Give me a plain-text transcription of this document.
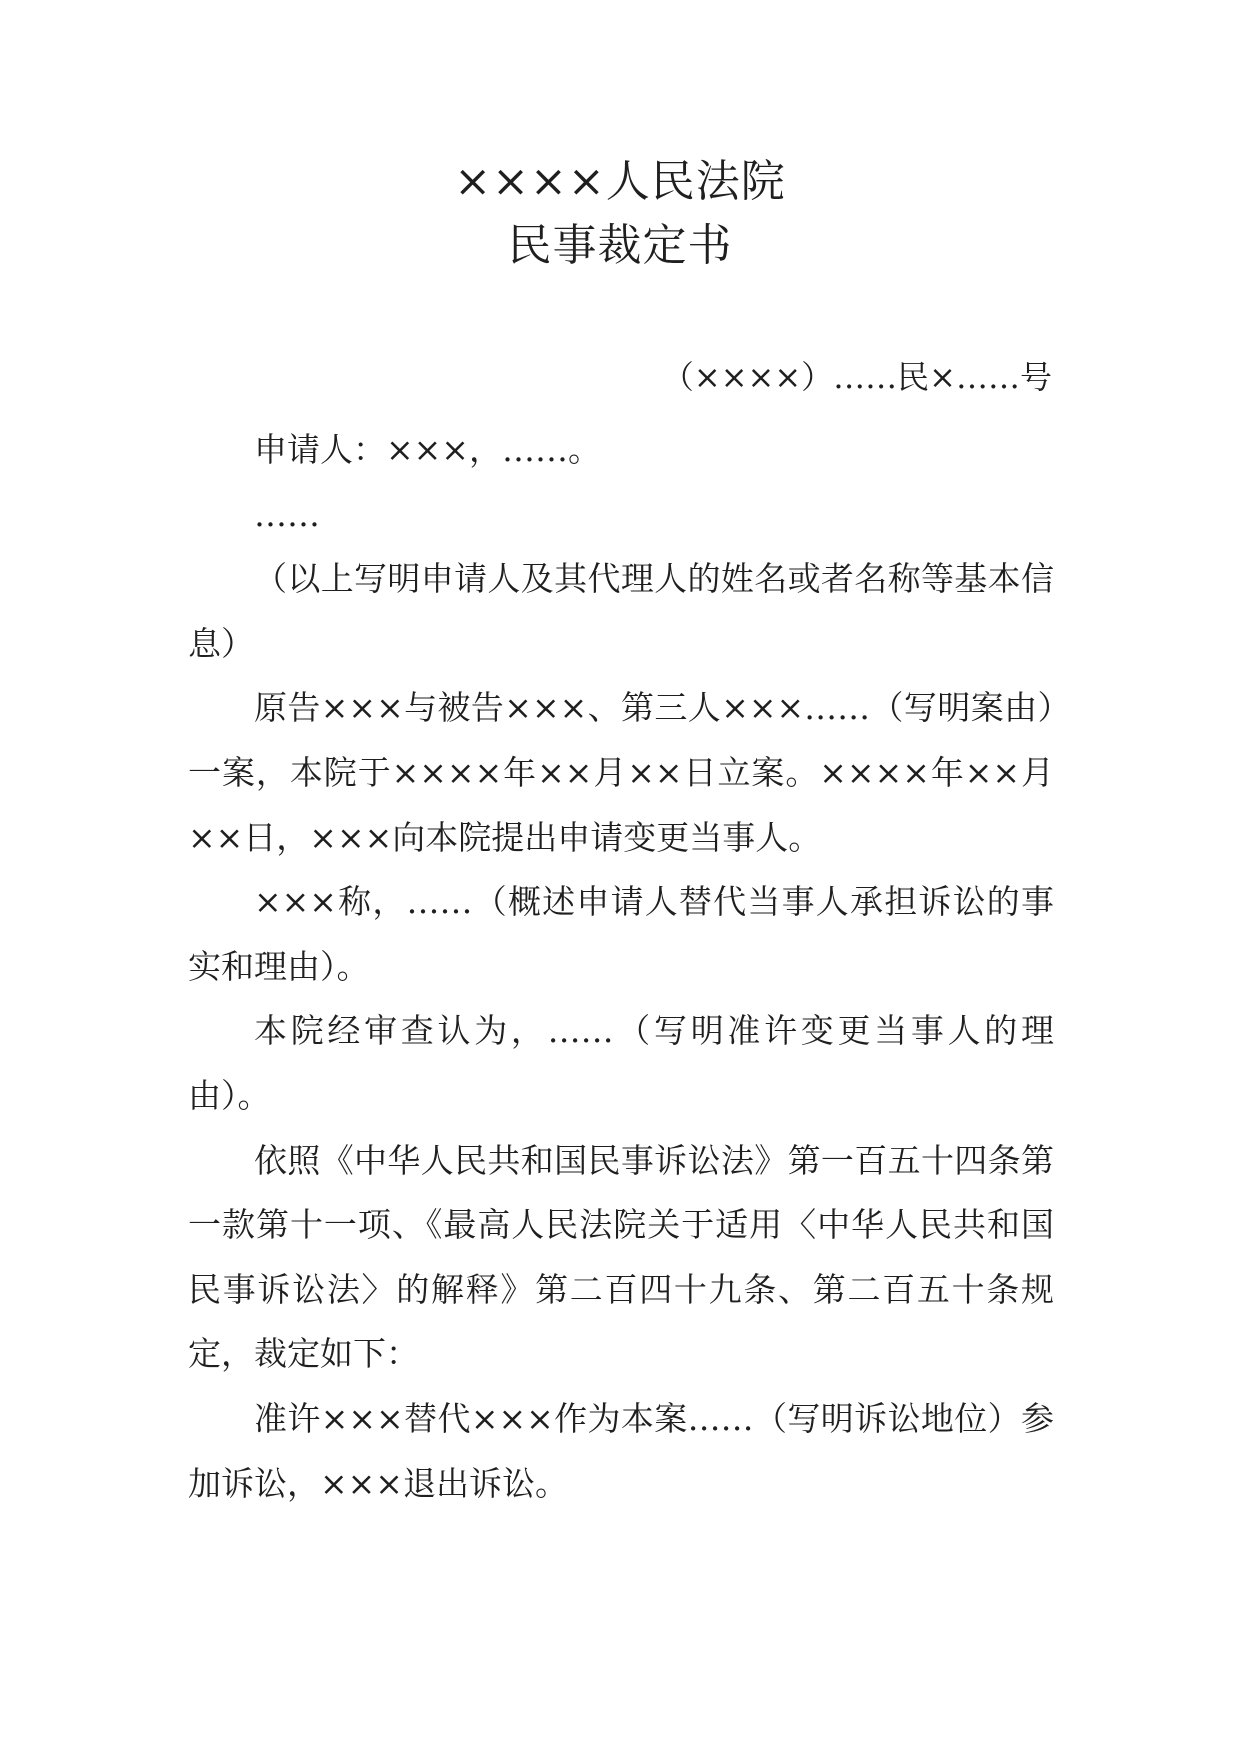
××××人民法院
民事裁定书
（××××）……民×……号

申请人：×××，……。

……

（以上写明申请人及其代理人的姓名或者名称等基本信息）

原告×××与被告×××、第三人×××……（写明案由）一案，本院于××××年××月××日立案。××××年××月××日，×××向本院提出申请变更当事人。

×××称，……（概述申请人替代当事人承担诉讼的事实和理由）。

本院经审查认为，……（写明准许变更当事人的理由）。

依照《中华人民共和国民事诉讼法》第一百五十四条第一款第十一项、《最高人民法院关于适用〈中华人民共和国民事诉讼法〉的解释》第二百四十九条、第二百五十条规定，裁定如下：

准许×××替代×××作为本案……（写明诉讼地位）参加诉讼，×××退出诉讼。
